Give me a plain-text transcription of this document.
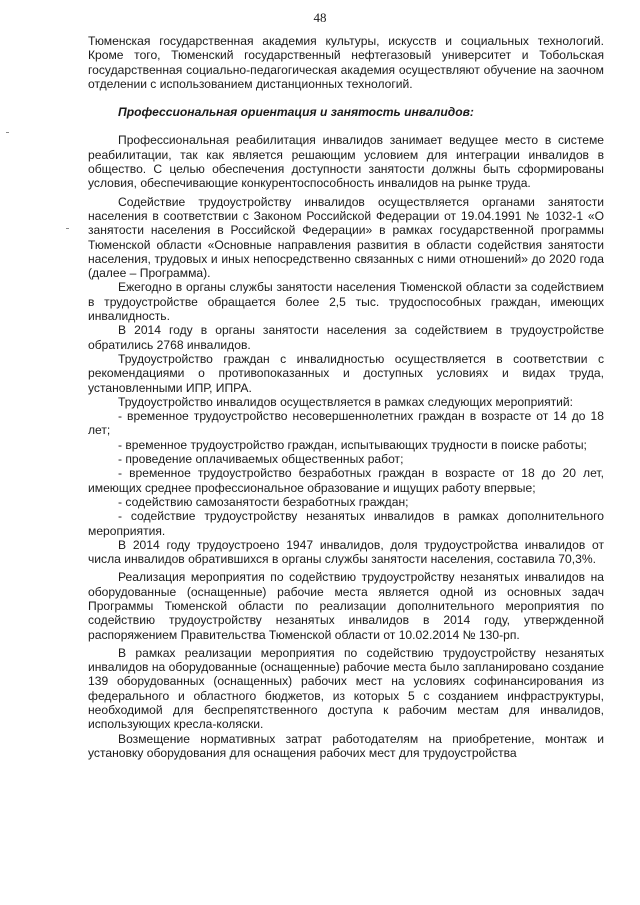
48

Тюменская государственная академия культуры, искусств и социальных технологий. Кроме того, Тюменский государственный нефтегазовый университет и Тобольская государственная социально-педагогическая академия осуществляют обучение на заочном отделении с использованием дистанционных технологий.

Профессиональная ориентация и занятость инвалидов:

Профессиональная реабилитация инвалидов занимает ведущее место в системе реабилитации, так как является решающим условием для интеграции инвалидов в общество. С целью обеспечения доступности занятости должны быть сформированы условия, обеспечивающие конкурентоспособность инвалидов на рынке труда.

Содействие трудоустройству инвалидов осуществляется органами занятости населения в соответствии с Законом Российской Федерации от 19.04.1991 № 1032-1 «О занятости населения в Российской Федерации» в рамках государственной программы Тюменской области «Основные направления развития в области содействия занятости населения, трудовых и иных непосредственно связанных с ними отношений» до 2020 года (далее – Программа).

Ежегодно в органы службы занятости населения Тюменской области за содействием в трудоустройстве обращается более 2,5 тыс. трудоспособных граждан, имеющих инвалидность.

В 2014 году в органы занятости населения за содействием в трудоустройстве обратились 2768 инвалидов.

Трудоустройство граждан с инвалидностью осуществляется в соответствии с рекомендациями о противопоказанных и доступных условиях и видах труда, установленными ИПР, ИПРА.

Трудоустройство инвалидов осуществляется в рамках следующих мероприятий:

- временное трудоустройство несовершеннолетних граждан в возрасте от 14 до 18 лет;

- временное трудоустройство граждан, испытывающих трудности в поиске работы;

- проведение оплачиваемых общественных работ;

- временное трудоустройство безработных граждан в возрасте от 18 до 20 лет, имеющих среднее профессиональное образование и ищущих работу впервые;

- содействию самозанятости безработных граждан;

- содействие трудоустройству незанятых инвалидов в рамках дополнительного мероприятия.

В 2014 году трудоустроено 1947 инвалидов, доля трудоустройства инвалидов от числа инвалидов обратившихся в органы службы занятости населения, составила 70,3%.

Реализация мероприятия по содействию трудоустройству незанятых инвалидов на оборудованные (оснащенные) рабочие места является одной из основных задач Программы Тюменской области по реализации дополнительного мероприятия по содействию трудоустройству незанятых инвалидов в 2014 году, утвержденной распоряжением Правительства Тюменской области от 10.02.2014 № 130-рп.

В рамках реализации мероприятия по содействию трудоустройству незанятых инвалидов на оборудованные (оснащенные) рабочие места было запланировано создание 139 оборудованных (оснащенных) рабочих мест на условиях софинансирования из федерального и областного бюджетов, из которых 5 с созданием инфраструктуры, необходимой для беспрепятственного доступа к рабочим местам для инвалидов, использующих кресла-коляски.

Возмещение нормативных затрат работодателям на приобретение, монтаж и установку оборудования для оснащения рабочих мест для трудоустройства
